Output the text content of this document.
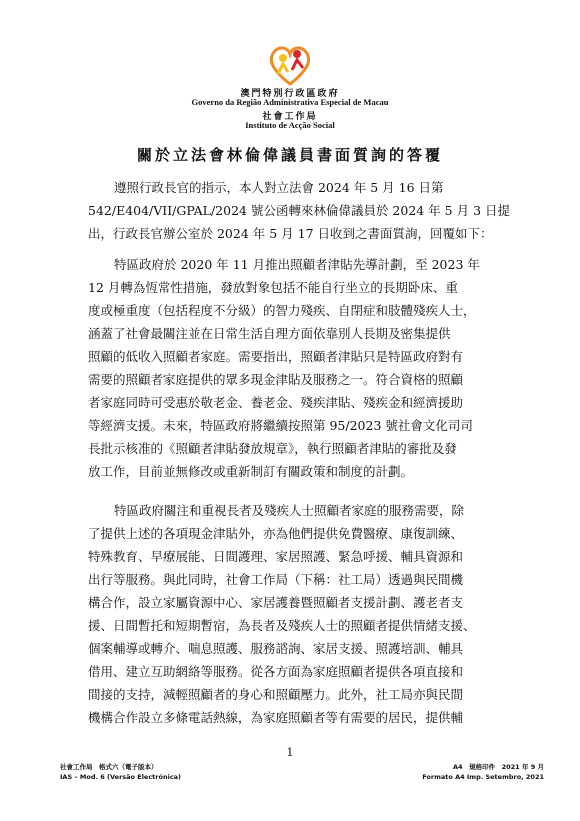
澳門特別行政區政府
Governo da Região Administrativa Especial de Macau
社會工作局
Instituto de Acção Social
關於立法會林倫偉議員書面質詢的答覆
遵照行政長官的指示，本人對立法會 2024 年 5 月 16 日第
542/E404/VII/GPAL/2024 號公函轉來林倫偉議員於 2024 年 5 月 3 日提
出，行政長官辦公室於 2024 年 5 月 17 日收到之書面質詢，回覆如下：
特區政府於 2020 年 11 月推出照顧者津貼先導計劃，至 2023 年
12 月轉為恆常性措施，發放對象包括不能自行坐立的長期卧床、重
度或極重度（包括程度不分級）的智力殘疾、自閉症和肢體殘疾人士，
涵蓋了社會最關注並在日常生活自理方面依靠別人長期及密集提供
照顧的低收入照顧者家庭。需要指出，照顧者津貼只是特區政府對有
需要的照顧者家庭提供的眾多現金津貼及服務之一。符合資格的照顧
者家庭同時可受惠於敬老金、養老金、殘疾津貼、殘疾金和經濟援助
等經濟支援。未來，特區政府將繼續按照第 95/2023 號社會文化司司
長批示核准的《照顧者津貼發放規章》，執行照顧者津貼的審批及發
放工作，目前並無修改或重新制訂有關政策和制度的計劃。
特區政府關注和重視長者及殘疾人士照顧者家庭的服務需要，除
了提供上述的各項現金津貼外，亦為他們提供免費醫療、康復訓練、
特殊教育、早療展能、日間護理、家居照護、緊急呼援、輔具資源和
出行等服務。與此同時，社會工作局（下稱：社工局）透過與民間機
構合作，設立家屬資源中心、家居護養暨照顧者支援計劃、護老者支
援、日間暫托和短期暫宿，為長者及殘疾人士的照顧者提供情緒支援、
個案輔導或轉介、喘息照護、服務諮詢、家居支援、照護培訓、輔具
借用、建立互助網絡等服務。從各方面為家庭照顧者提供各項直接和
間接的支持，減輕照顧者的身心和照顧壓力。此外，社工局亦與民間
機構合作設立多條電話熱線，為家庭照顧者等有需要的居民，提供輔
1
社會工作局　格式六（電子版本）
IAS – Mod. 6 (Versão Electrónica)
A4　規格印件　2021 年 9 月
Formato A4 Imp. Setembro, 2021
